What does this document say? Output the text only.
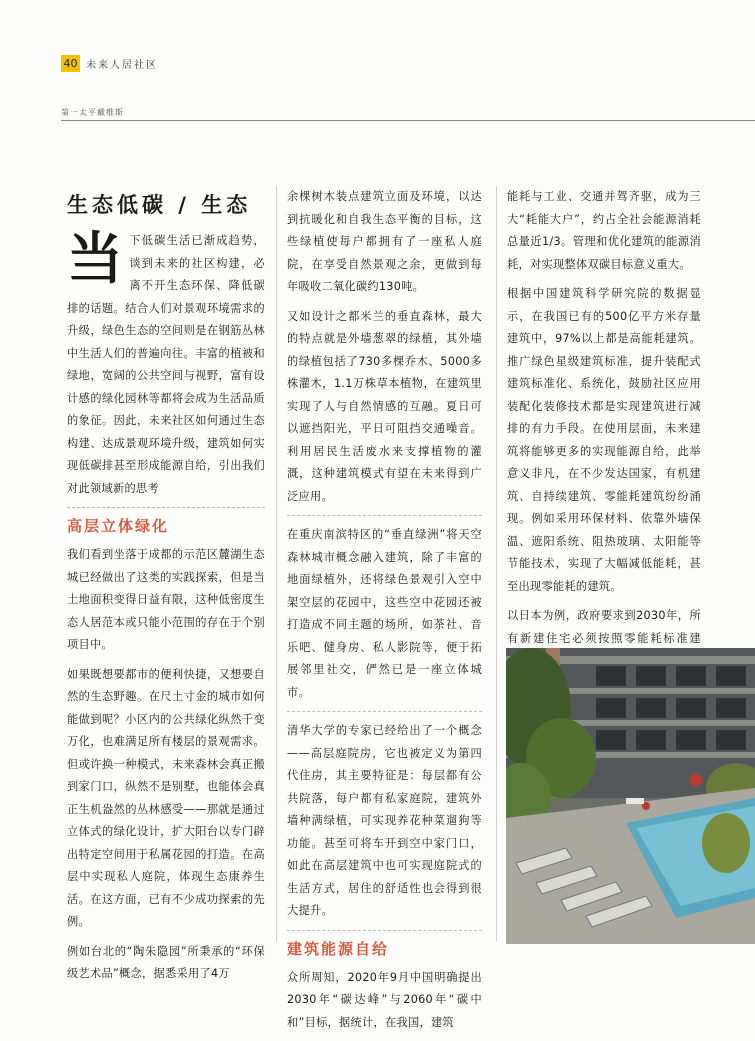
40 未来人居社区
第一太平戴维斯
生态低碳 / 生态

当下低碳生活已渐成趋势，谈到未来的社区构建，必离不开生态环保、降低碳排的话题。结合人们对景观环境需求的升级，绿色生态的空间则是在钢筋丛林中生活人们的普遍向往。丰富的植被和绿地，宽阔的公共空间与视野，富有设计感的绿化园林等都将会成为生活品质的象征。因此，未来社区如何通过生态构建、达成景观环境升级，建筑如何实现低碳排甚至形成能源自给，引出我们对此领域新的思考

高层立体绿化

我们看到坐落于成都的示范区麓湖生态城已经做出了这类的实践探索，但是当土地面积变得日益有限，这种低密度生态人居范本或只能小范围的存在于个别项目中。

如果既想要都市的便利快捷，又想要自然的生态野趣。在尺土寸金的城市如何能做到呢？小区内的公共绿化纵然千变万化，也难满足所有楼层的景观需求。但或许换一种模式，未来森林会真正搬到家门口，纵然不是别墅，也能体会真正生机盎然的丛林感受——那就是通过立体式的绿化设计，扩大阳台以专门辟出特定空间用于私属花园的打造。在高层中实现私人庭院，体现生态康养生活。在这方面，已有不少成功探索的先例。

例如台北的“陶朱隐园”所秉承的“环保级艺术品”概念，据悉采用了4万

余棵树木装点建筑立面及环境，以达到抗暖化和自我生态平衡的目标，这些绿植使每户都拥有了一座私人庭院，在享受自然景观之余，更做到每年吸收二氧化碳约130吨。

又如设计之都米兰的垂直森林，最大的特点就是外墙葱翠的绿植，其外墙的绿植包括了730多棵乔木、5000多株灌木，1.1万株草本植物，在建筑里实现了人与自然情感的互融。夏日可以遮挡阳光，平日可阻挡交通噪音。利用居民生活废水来支撑植物的灌溉，这种建筑模式有望在未来得到广泛应用。

在重庆南滨特区的“垂直绿洲”将天空森林城市概念融入建筑，除了丰富的地面绿植外，还将绿色景观引入空中架空层的花园中，这些空中花园还被打造成不同主题的场所，如茶社、音乐吧、健身房、私人影院等，便于拓展邻里社交，俨然已是一座立体城市。

清华大学的专家已经给出了一个概念——高层庭院房，它也被定义为第四代住房，其主要特征是：每层都有公共院落，每户都有私家庭院，建筑外墙种满绿植，可实现养花种菜遛狗等功能。甚至可将车开到空中家门口，如此在高层建筑中也可实现庭院式的生活方式，居住的舒适性也会得到很大提升。

建筑能源自给

众所周知，2020年9月中国明确提出2030年“碳达峰”与2060年“碳中和”目标，据统计，在我国，建筑

能耗与工业、交通并驾齐驱，成为三大“耗能大户”，约占全社会能源消耗总量近1/3。管理和优化建筑的能源消耗，对实现整体双碳目标意义重大。

根据中国建筑科学研究院的数据显示，在我国已有的500亿平方米存量建筑中，97%以上都是高能耗建筑。推广绿色星级建筑标准，提升装配式建筑标准化、系统化，鼓励社区应用装配化装修技术都是实现建筑进行减排的有力手段。在使用层面，未来建筑将能够更多的实现能源自给，此举意义非凡，在不少发达国家，有机建筑、自持续建筑、零能耗建筑纷纷涌现。例如采用环保材料、依靠外墙保温、遮阳系统、阻热玻璃、太阳能等节能技术，实现了大幅减低能耗，甚至出现零能耗的建筑。

以日本为例，政府要求到2030年，所有新建住宅必须按照零能耗标准建
